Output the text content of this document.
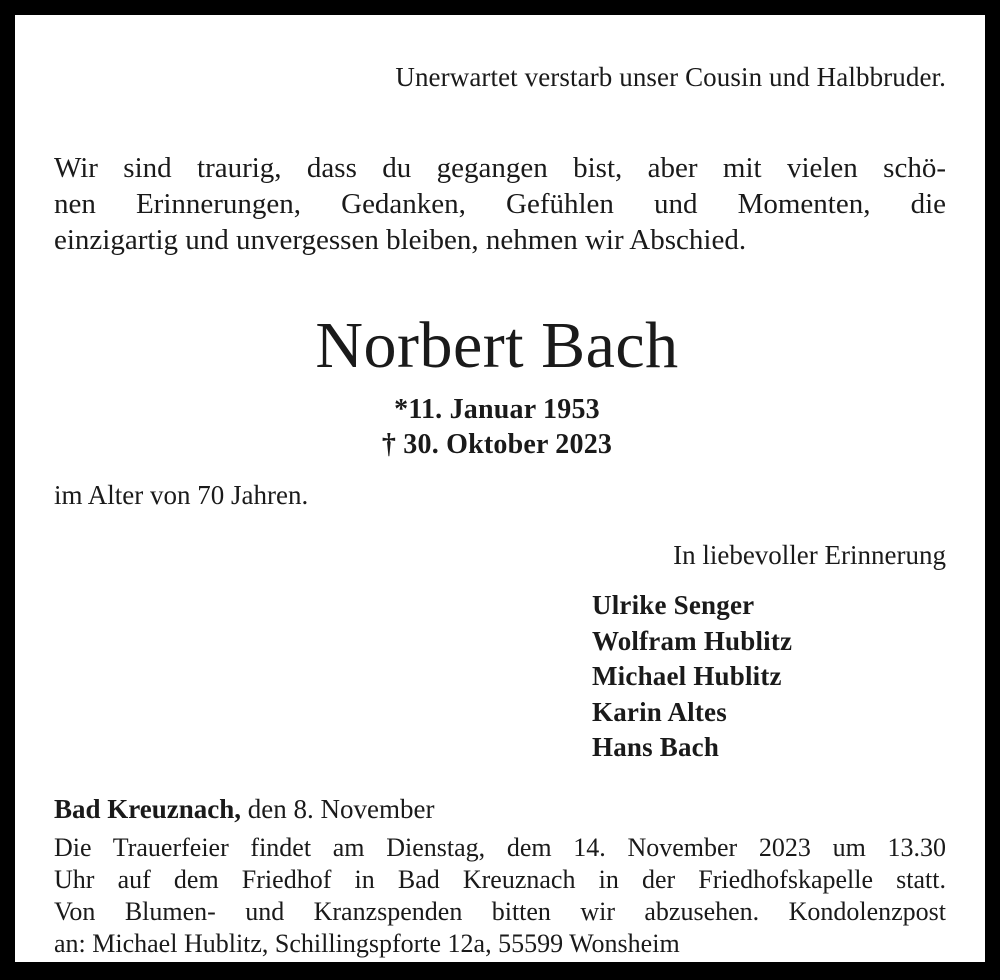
Unerwartet verstarb unser Cousin und Halbbruder.
Wir sind traurig, dass du gegangen bist, aber mit vielen schö-
nen Erinnerungen, Gedanken, Gefühlen und Momenten, die
einzigartig und unvergessen bleiben, nehmen wir Abschied.
Norbert Bach
*11. Januar 1953
† 30. Oktober 2023
im Alter von 70 Jahren.
In liebevoller Erinnerung
Ulrike Senger
Wolfram Hublitz
Michael Hublitz
Karin Altes
Hans Bach
Bad Kreuznach, den 8. November
Die Trauerfeier findet am Dienstag, dem 14. November 2023 um 13.30
Uhr auf dem Friedhof in Bad Kreuznach in der Friedhofskapelle statt.
Von Blumen- und Kranzspenden bitten wir abzusehen. Kondolenzpost
an: Michael Hublitz, Schillingspforte 12a, 55599 Wonsheim
